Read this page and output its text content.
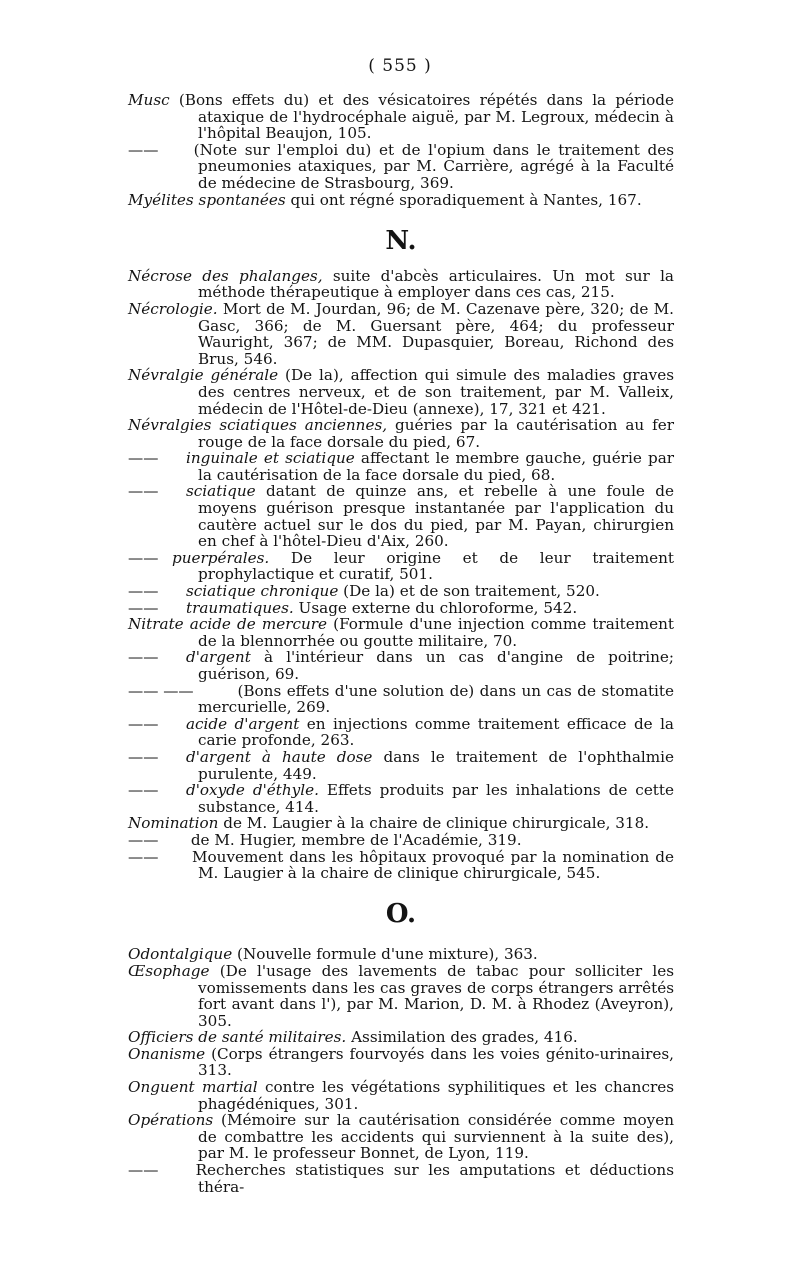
( 555 )

Musc (Bons effets du) et des vésicatoires répétés dans la période ataxique de l'hydrocéphale aiguë, par M. Legroux, médecin à l'hôpital Beaujon, 105.

—— (Note sur l'emploi du) et de l'opium dans le traitement des pneumonies ataxiques, par M. Carrière, agrégé à la Faculté de médecine de Strasbourg, 369.

Myélites spontanées qui ont régné sporadiquement à Nantes, 167.

N.

Nécrose des phalanges, suite d'abcès articulaires. Un mot sur la méthode thérapeutique à employer dans ces cas, 215.

Nécrologie. Mort de M. Jourdan, 96; de M. Cazenave père, 320; de M. Gasc, 366; de M. Guersant père, 464; du professeur Wauright, 367; de MM. Dupasquier, Boreau, Richond des Brus, 546.

Névralgie générale (De la), affection qui simule des maladies graves des centres nerveux, et de son traitement, par M. Valleix, médecin de l'Hôtel-de-Dieu (annexe), 17, 321 et 421.

Névralgies sciatiques anciennes, guéries par la cautérisation au fer rouge de la face dorsale du pied, 67.

—— inguinale et sciatique affectant le membre gauche, guérie par la cautérisation de la face dorsale du pied, 68.

—— sciatique datant de quinze ans, et rebelle à une foule de moyens guérison presque instantanée par l'application du cautère actuel sur le dos du pied, par M. Payan, chirurgien en chef à l'hôtel-Dieu d'Aix, 260.

—— puerpérales. De leur origine et de leur traitement prophylactique et curatif, 501.

—— sciatique chronique (De la) et de son traitement, 520.

—— traumatiques. Usage externe du chloroforme, 542.

Nitrate acide de mercure (Formule d'une injection comme traitement de la blennorrhée ou goutte militaire, 70.

—— d'argent à l'intérieur dans un cas d'angine de poitrine; guérison, 69.

—— ——	(Bons effets d'une solution de) dans un cas de stomatite mercurielle, 269.

—— acide d'argent en injections comme traitement efficace de la carie profonde, 263.

—— d'argent à haute dose dans le traitement de l'ophthalmie purulente, 449.

—— d'oxyde d'éthyle. Effets produits par les inhalations de cette substance, 414.

Nomination de M. Laugier à la chaire de clinique chirurgicale, 318.

—— de M. Hugier, membre de l'Académie, 319.

—— Mouvement dans les hôpitaux provoqué par la nomination de M. Laugier à la chaire de clinique chirurgicale, 545.

O.

Odontalgique (Nouvelle formule d'une mixture), 363.

Œsophage (De l'usage des lavements de tabac pour solliciter les vomissements dans les cas graves de corps étrangers arrêtés fort avant dans l'), par M. Marion, D. M. à Rhodez (Aveyron), 305.

Officiers de santé militaires. Assimilation des grades, 416.

Onanisme (Corps étrangers fourvoyés dans les voies génito-urinaires, 313.

Onguent martial contre les végétations syphilitiques et les chancres phagédéniques, 301.

Opérations (Mémoire sur la cautérisation considérée comme moyen de combattre les accidents qui surviennent à la suite des), par M. le professeur Bonnet, de Lyon, 119.

—— Recherches statistiques sur les amputations et déductions théra-
